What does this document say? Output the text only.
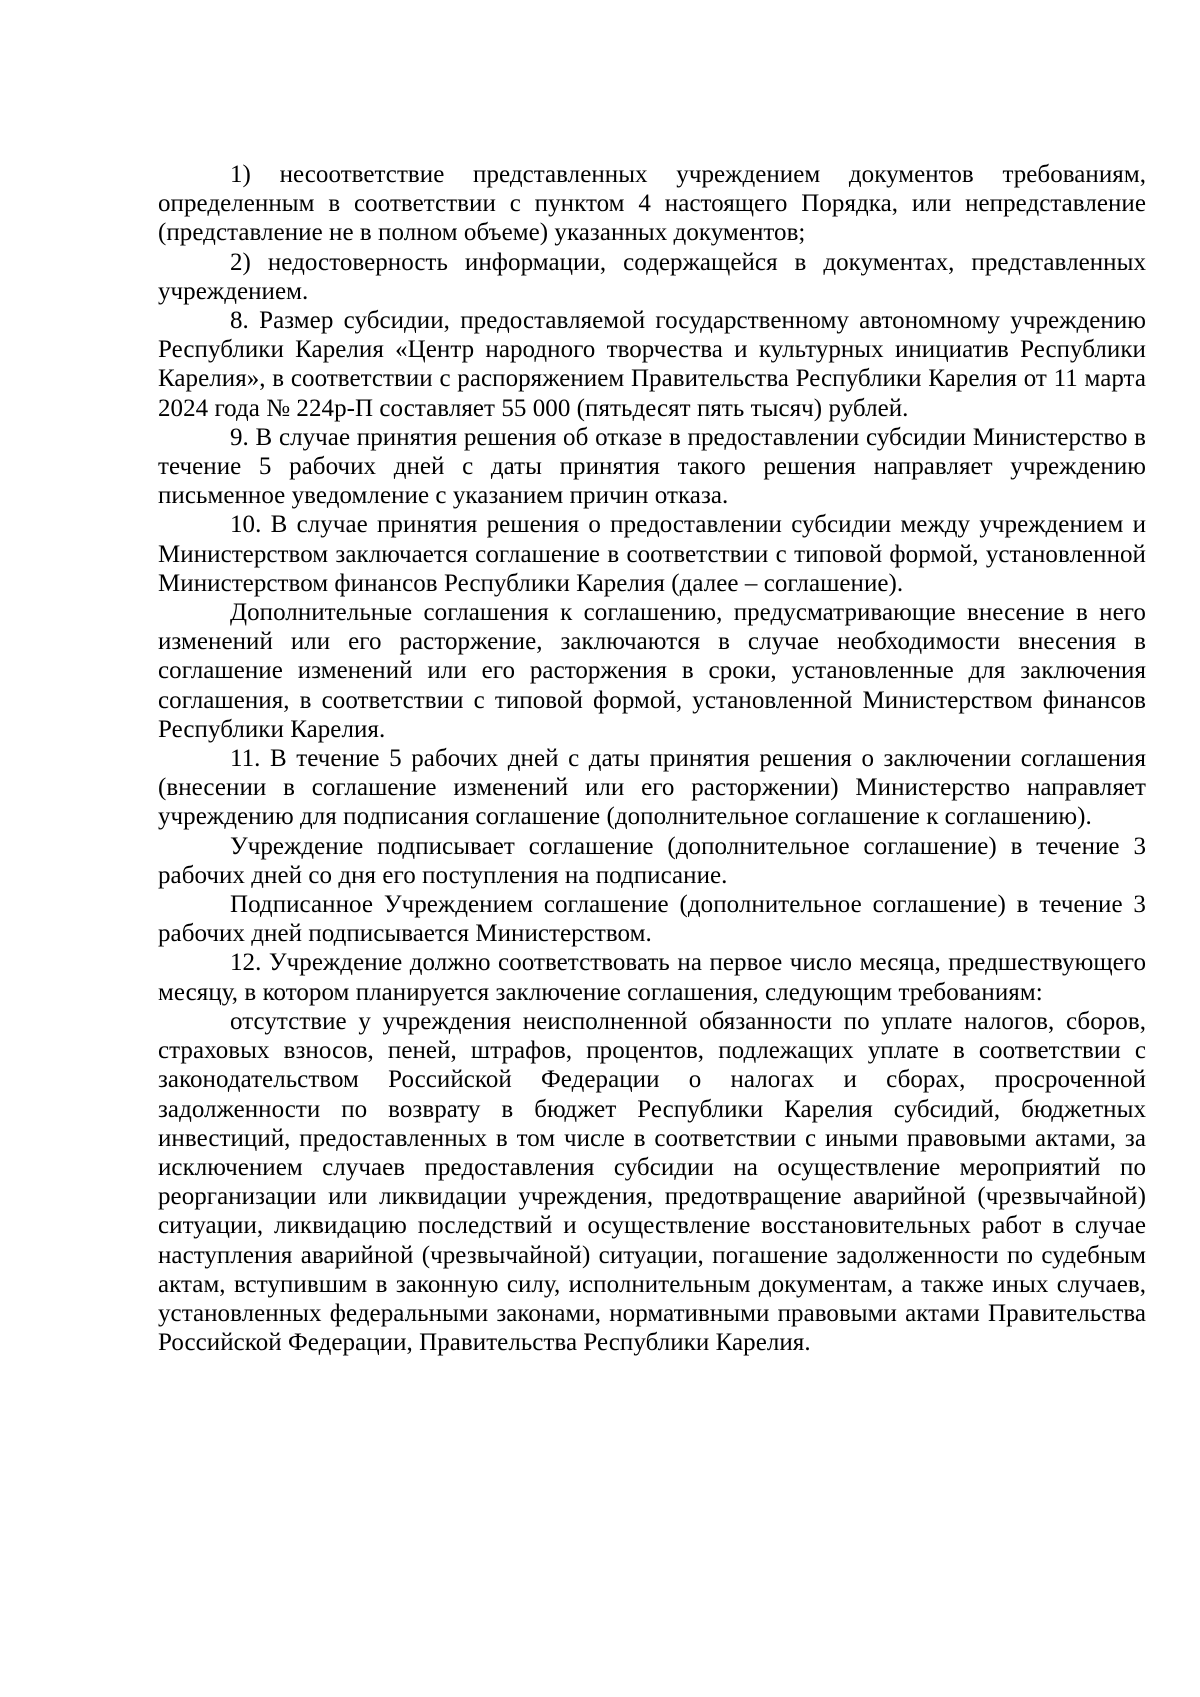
1) несоответствие представленных учреждением документов требованиям, определенным в соответствии с пунктом 4 настоящего Порядка, или непредставление (представление не в полном объеме) указанных документов;

2) недостоверность информации, содержащейся в документах, представленных учреждением.

8. Размер субсидии, предоставляемой государственному автономному учреждению Республики Карелия «Центр народного творчества и культурных инициатив Республики Карелия», в соответствии с распоряжением Правительства Республики Карелия от 11 марта 2024 года № 224р-П составляет 55 000 (пятьдесят пять тысяч) рублей.

9. В случае принятия решения об отказе в предоставлении субсидии Министерство в течение 5 рабочих дней с даты принятия такого решения направляет учреждению письменное уведомление с указанием причин отказа.

10. В случае принятия решения о предоставлении субсидии между учреждением и Министерством заключается соглашение в соответствии с типовой формой, установленной Министерством финансов Республики Карелия (далее – соглашение).

Дополнительные соглашения к соглашению, предусматривающие внесение в него изменений или его расторжение, заключаются в случае необходимости внесения в соглашение изменений или его расторжения в сроки, установленные для заключения соглашения, в соответствии с типовой формой, установленной Министерством финансов Республики Карелия.

11. В течение 5 рабочих дней с даты принятия решения о заключении соглашения (внесении в соглашение изменений или его расторжении) Министерство направляет учреждению для подписания соглашение (дополнительное соглашение к соглашению).

Учреждение подписывает соглашение (дополнительное соглашение) в течение 3 рабочих дней со дня его поступления на подписание.

Подписанное Учреждением соглашение (дополнительное соглашение) в течение 3 рабочих дней подписывается Министерством.

12. Учреждение должно соответствовать на первое число месяца, предшествующего месяцу, в котором планируется заключение соглашения, следующим требованиям:

отсутствие у учреждения неисполненной обязанности по уплате налогов, сборов, страховых взносов, пеней, штрафов, процентов, подлежащих уплате в соответствии с законодательством Российской Федерации о налогах и сборах, просроченной задолженности по возврату в бюджет Республики Карелия субсидий, бюджетных инвестиций, предоставленных в том числе в соответствии с иными правовыми актами, за исключением случаев предоставления субсидии на осуществление мероприятий по реорганизации или ликвидации учреждения, предотвращение аварийной (чрезвычайной) ситуации, ликвидацию последствий и осуществление восстановительных работ в случае наступления аварийной (чрезвычайной) ситуации, погашение задолженности по судебным актам, вступившим в законную силу, исполнительным документам, а также иных случаев, установленных федеральными законами, нормативными правовыми актами Правительства Российской Федерации, Правительства Республики Карелия.
